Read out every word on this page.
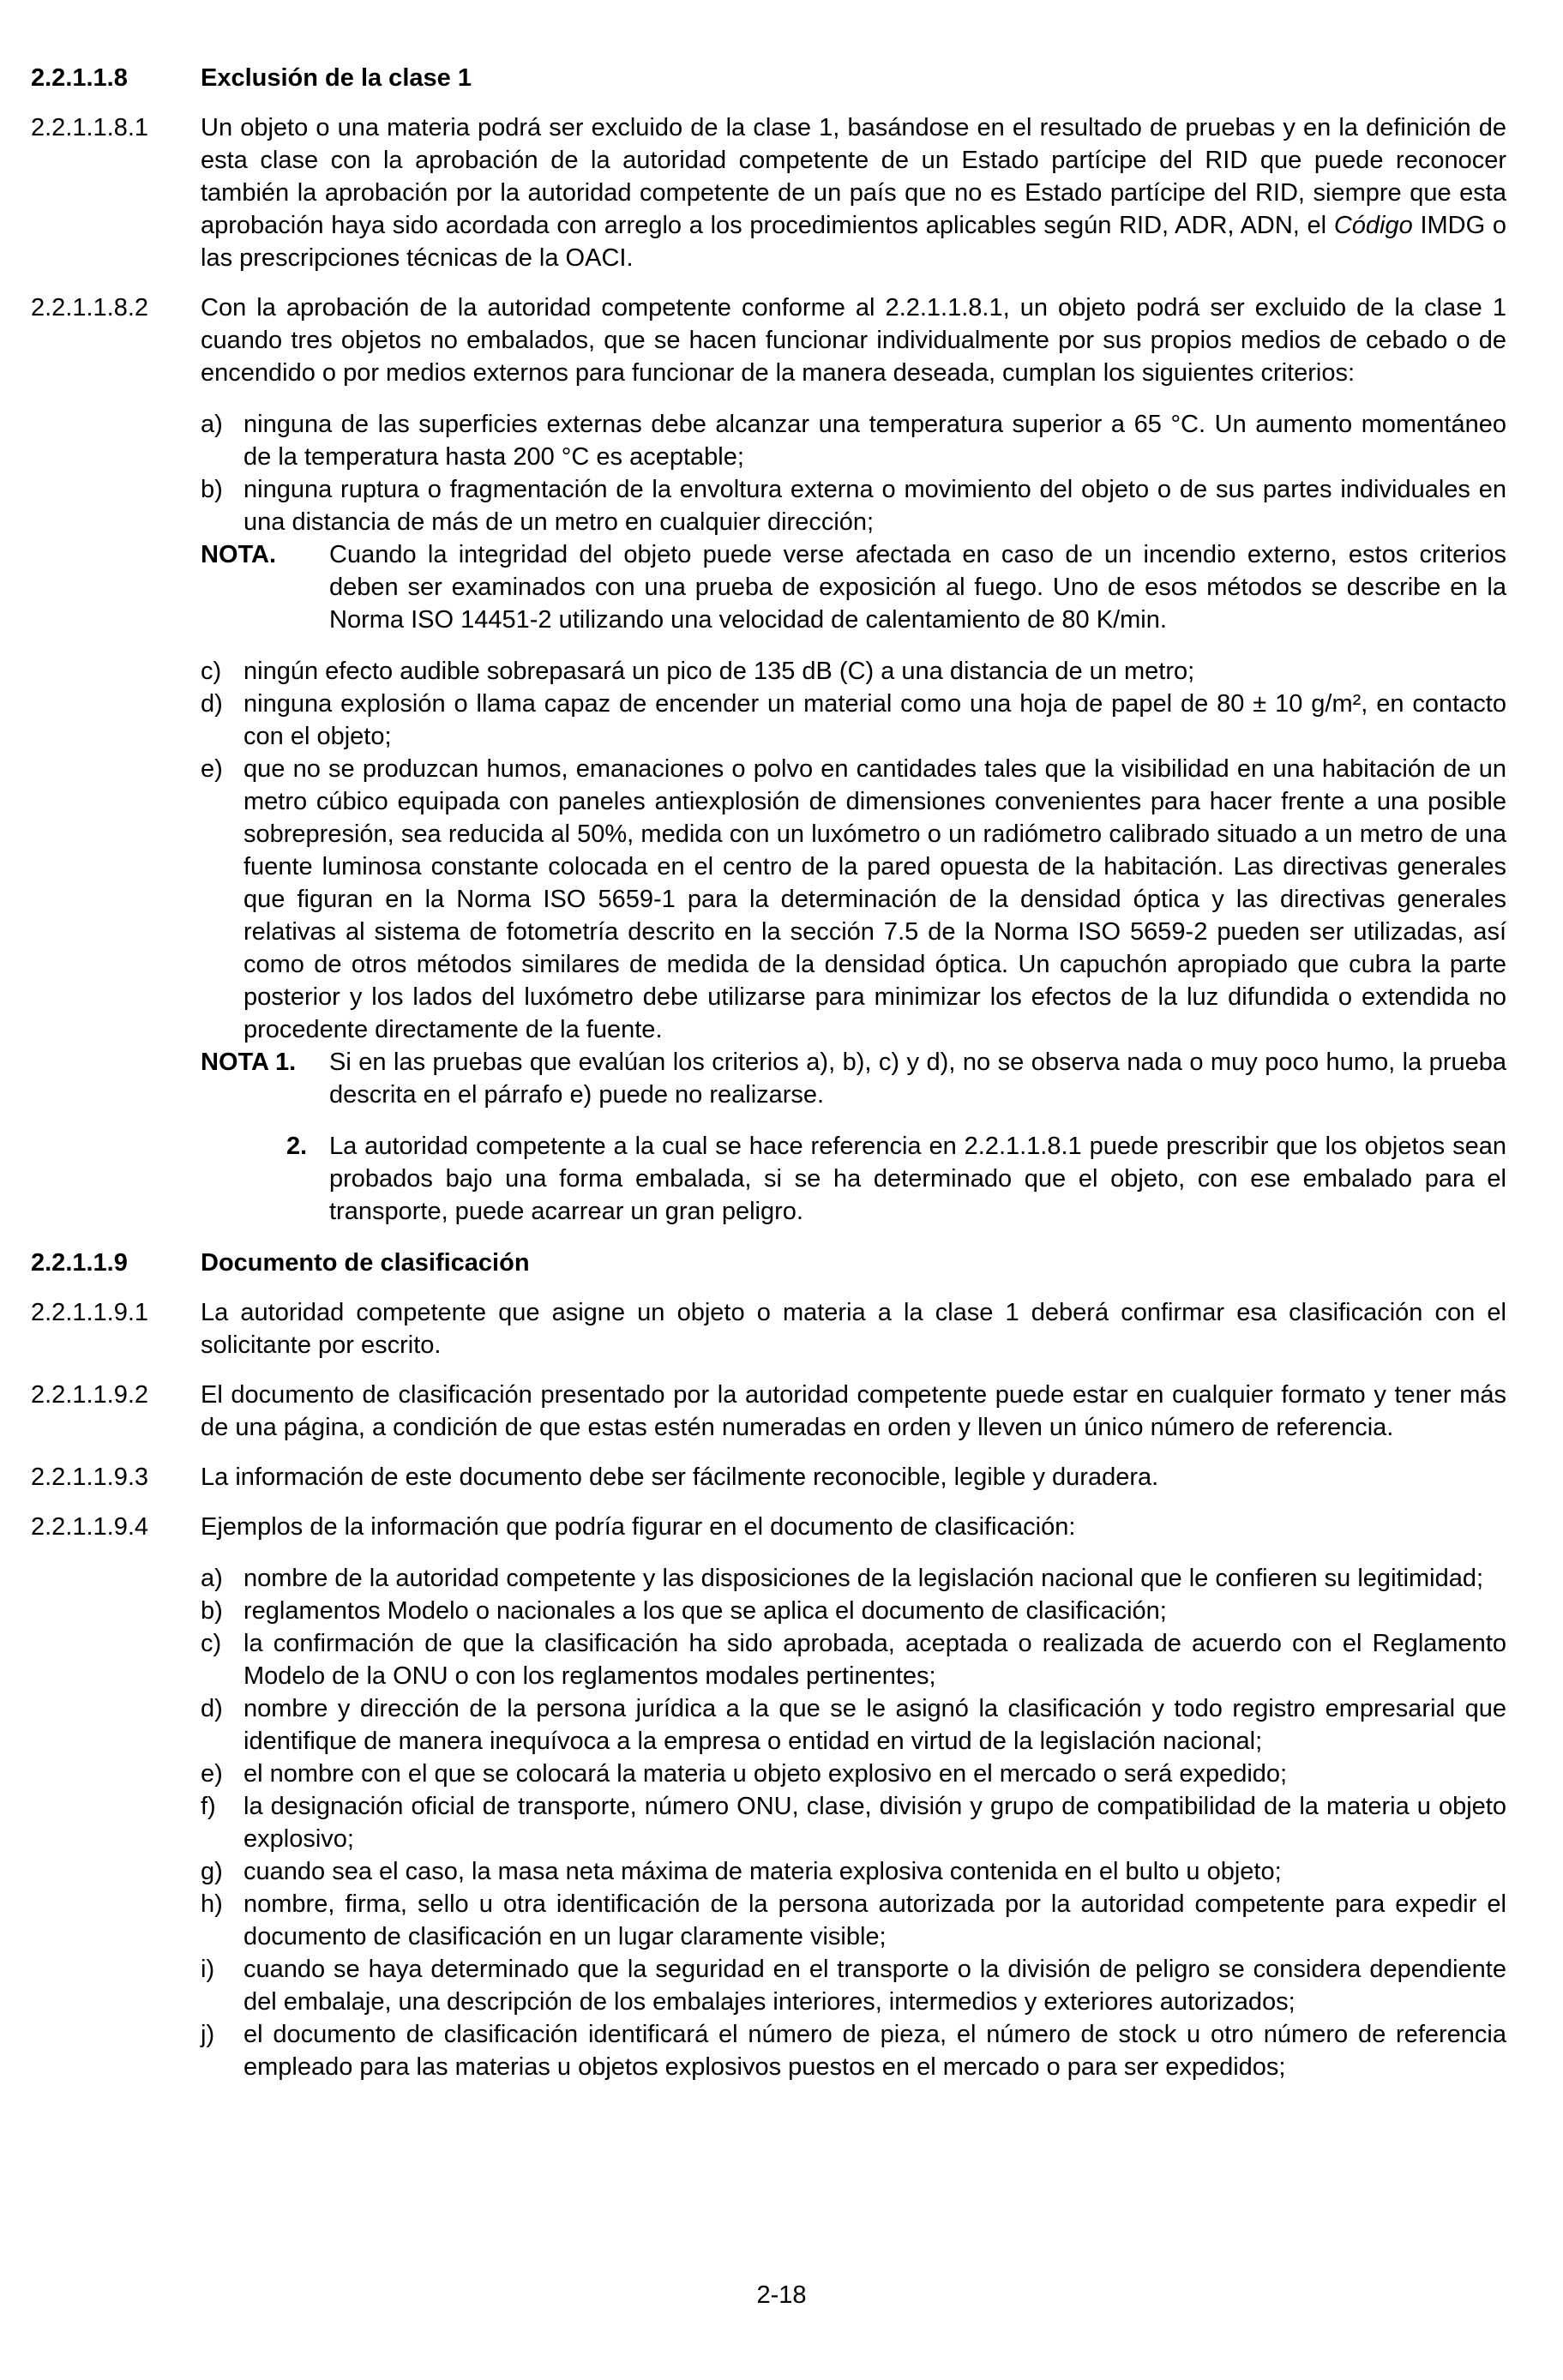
2.2.1.1.8	Exclusión de la clase 1
2.2.1.1.8.1 Un objeto o una materia podrá ser excluido de la clase 1, basándose en el resultado de pruebas y en la definición de esta clase con la aprobación de la autoridad competente de un Estado partícipe del RID que puede reconocer también la aprobación por la autoridad competente de un país que no es Estado partícipe del RID, siempre que esta aprobación haya sido acordada con arreglo a los procedimientos aplicables según RID, ADR, ADN, el Código IMDG o las prescripciones técnicas de la OACI.

2.2.1.1.8.2 Con la aprobación de la autoridad competente conforme al 2.2.1.1.8.1, un objeto podrá ser excluido de la clase 1 cuando tres objetos no embalados, que se hacen funcionar individualmente por sus propios medios de cebado o de encendido o por medios externos para funcionar de la manera deseada, cumplan los siguientes criterios:

a) ninguna de las superficies externas debe alcanzar una temperatura superior a 65 °C. Un aumento momentáneo de la temperatura hasta 200 °C es aceptable;
b) ninguna ruptura o fragmentación de la envoltura externa o movimiento del objeto o de sus partes individuales en una distancia de más de un metro en cualquier dirección;
NOTA. Cuando la integridad del objeto puede verse afectada en caso de un incendio externo, estos criterios deben ser examinados con una prueba de exposición al fuego. Uno de esos métodos se describe en la Norma ISO 14451-2 utilizando una velocidad de calentamiento de 80 K/min.
c) ningún efecto audible sobrepasará un pico de 135 dB (C) a una distancia de un metro;
d) ninguna explosión o llama capaz de encender un material como una hoja de papel de 80 ± 10 g/m², en contacto con el objeto;
e) que no se produzcan humos, emanaciones o polvo en cantidades tales que la visibilidad en una habitación de un metro cúbico equipada con paneles antiexplosión de dimensiones convenientes para hacer frente a una posible sobrepresión, sea reducida al 50%, medida con un luxómetro o un radiómetro calibrado situado a un metro de una fuente luminosa constante colocada en el centro de la pared opuesta de la habitación. Las directivas generales que figuran en la Norma ISO 5659-1 para la determinación de la densidad óptica y las directivas generales relativas al sistema de fotometría descrito en la sección 7.5 de la Norma ISO 5659-2 pueden ser utilizadas, así como de otros métodos similares de medida de la densidad óptica. Un capuchón apropiado que cubra la parte posterior y los lados del luxómetro debe utilizarse para minimizar los efectos de la luz difundida o extendida no procedente directamente de la fuente.
NOTA 1. Si en las pruebas que evalúan los criterios a), b), c) y d), no se observa nada o muy poco humo, la prueba descrita en el párrafo e) puede no realizarse.
2. La autoridad competente a la cual se hace referencia en 2.2.1.1.8.1 puede prescribir que los objetos sean probados bajo una forma embalada, si se ha determinado que el objeto, con ese embalado para el transporte, puede acarrear un gran peligro.
2.2.1.1.9	Documento de clasificación
2.2.1.1.9.1 La autoridad competente que asigne un objeto o materia a la clase 1 deberá confirmar esa clasificación con el solicitante por escrito.

2.2.1.1.9.2 El documento de clasificación presentado por la autoridad competente puede estar en cualquier formato y tener más de una página, a condición de que estas estén numeradas en orden y lleven un único número de referencia.

2.2.1.1.9.3 La información de este documento debe ser fácilmente reconocible, legible y duradera.

2.2.1.1.9.4 Ejemplos de la información que podría figurar en el documento de clasificación:

a) nombre de la autoridad competente y las disposiciones de la legislación nacional que le confieren su legitimidad;
b) reglamentos Modelo o nacionales a los que se aplica el documento de clasificación;
c) la confirmación de que la clasificación ha sido aprobada, aceptada o realizada de acuerdo con el Reglamento Modelo de la ONU o con los reglamentos modales pertinentes;
d) nombre y dirección de la persona jurídica a la que se le asignó la clasificación y todo registro empresarial que identifique de manera inequívoca a la empresa o entidad en virtud de la legislación nacional;
e) el nombre con el que se colocará la materia u objeto explosivo en el mercado o será expedido;
f) la designación oficial de transporte, número ONU, clase, división y grupo de compatibilidad de la materia u objeto explosivo;
g) cuando sea el caso, la masa neta máxima de materia explosiva contenida en el bulto u objeto;
h) nombre, firma, sello u otra identificación de la persona autorizada por la autoridad competente para expedir el documento de clasificación en un lugar claramente visible;
i) cuando se haya determinado que la seguridad en el transporte o la división de peligro se considera dependiente del embalaje, una descripción de los embalajes interiores, intermedios y exteriores autorizados;
j) el documento de clasificación identificará el número de pieza, el número de stock u otro número de referencia empleado para las materias u objetos explosivos puestos en el mercado o para ser expedidos;
2-18
